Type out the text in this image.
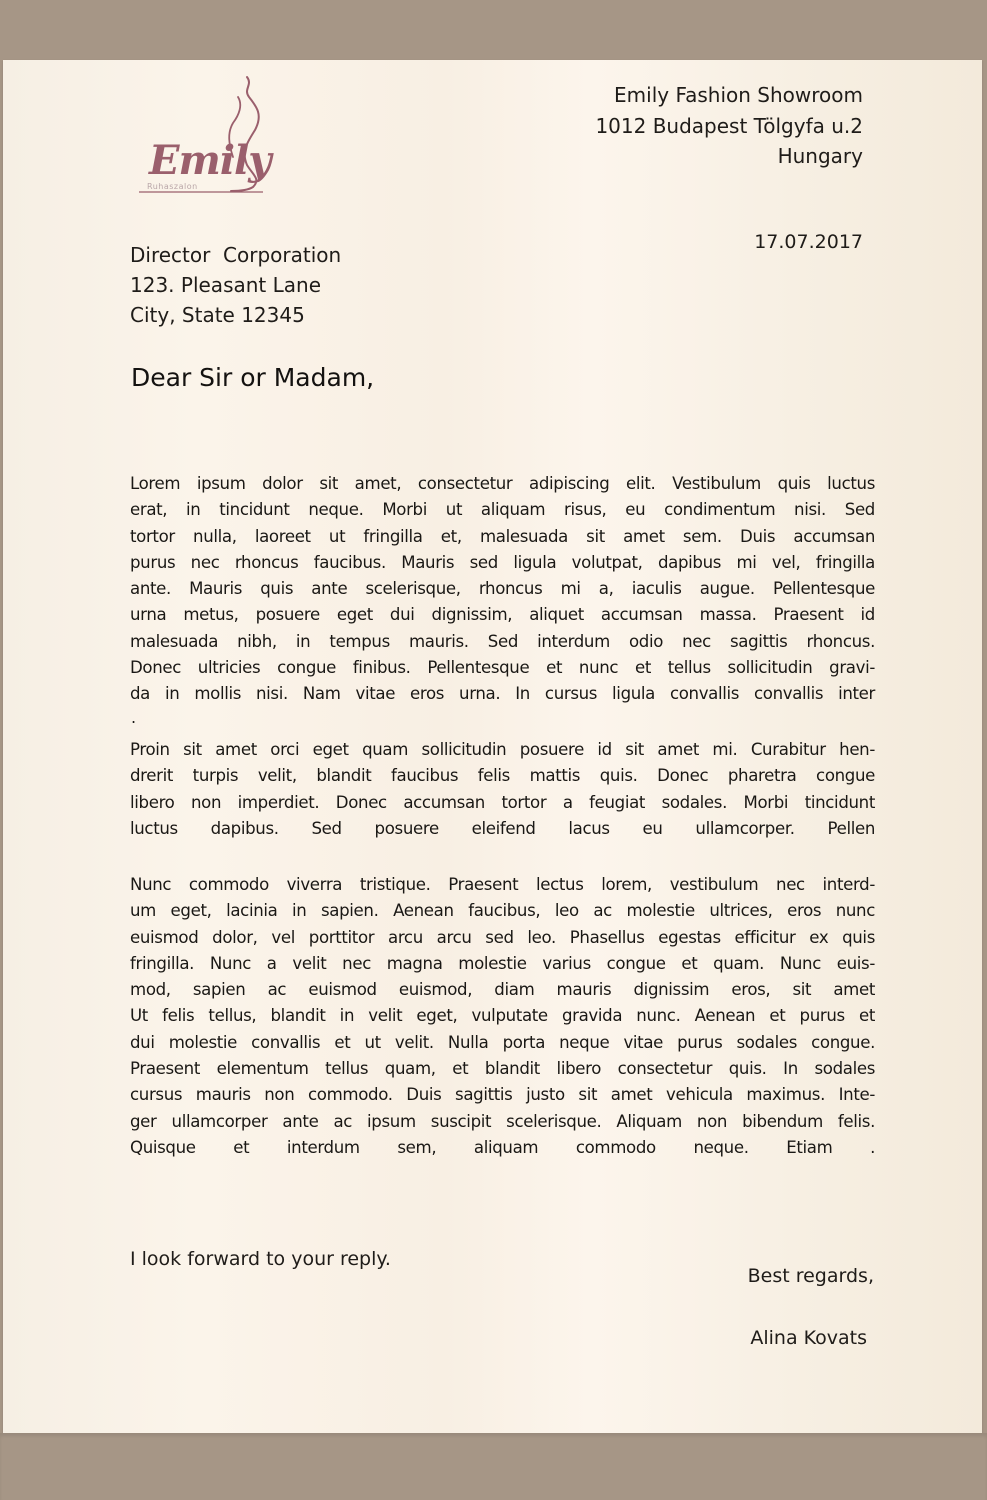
Emily
Ruhaszalon
Emily Fashion Showroom
1012 Budapest Tölgyfa u.2
Hungary
17.07.2017
Director  Corporation
123. Pleasant Lane
City, State 12345
Dear Sir or Madam,
Lorem ipsum dolor sit amet, consectetur adipiscing elit. Vestibulum quis luctus
erat, in tincidunt neque. Morbi ut aliquam risus, eu condimentum nisi. Sed
tortor nulla, laoreet ut fringilla et, malesuada sit amet sem. Duis accumsan
purus nec rhoncus faucibus. Mauris sed ligula volutpat, dapibus mi vel, fringilla
ante. Mauris quis ante scelerisque, rhoncus mi a, iaculis augue. Pellentesque
urna metus, posuere eget dui dignissim, aliquet accumsan massa. Praesent id
malesuada nibh, in tempus mauris. Sed interdum odio nec sagittis rhoncus.
Donec ultricies congue finibus. Pellentesque et nunc et tellus sollicitudin gravi-
da in mollis nisi. Nam vitae eros urna. In cursus ligula convallis convallis inter
.
Proin sit amet orci eget quam sollicitudin posuere id sit amet mi. Curabitur hen-
drerit turpis velit, blandit faucibus felis mattis quis. Donec pharetra congue
libero non imperdiet. Donec accumsan tortor a feugiat sodales. Morbi tincidunt
luctus dapibus. Sed posuere eleifend lacus eu ullamcorper. Pellen
Nunc commodo viverra tristique. Praesent lectus lorem, vestibulum nec interd-
um eget, lacinia in sapien. Aenean faucibus, leo ac molestie ultrices, eros nunc
euismod dolor, vel porttitor arcu arcu sed leo. Phasellus egestas efficitur ex quis
fringilla. Nunc a velit nec magna molestie varius congue et quam. Nunc euis-
mod, sapien ac euismod euismod, diam mauris dignissim eros, sit amet
Ut felis tellus, blandit in velit eget, vulputate gravida nunc. Aenean et purus et
dui molestie convallis et ut velit. Nulla porta neque vitae purus sodales congue.
Praesent elementum tellus quam, et blandit libero consectetur quis. In sodales
cursus mauris non commodo. Duis sagittis justo sit amet vehicula maximus. Inte-
ger ullamcorper ante ac ipsum suscipit scelerisque. Aliquam non bibendum felis.
Quisque et interdum sem, aliquam commodo neque. Etiam .
I look forward to your reply.
Best regards,
Alina Kovats
